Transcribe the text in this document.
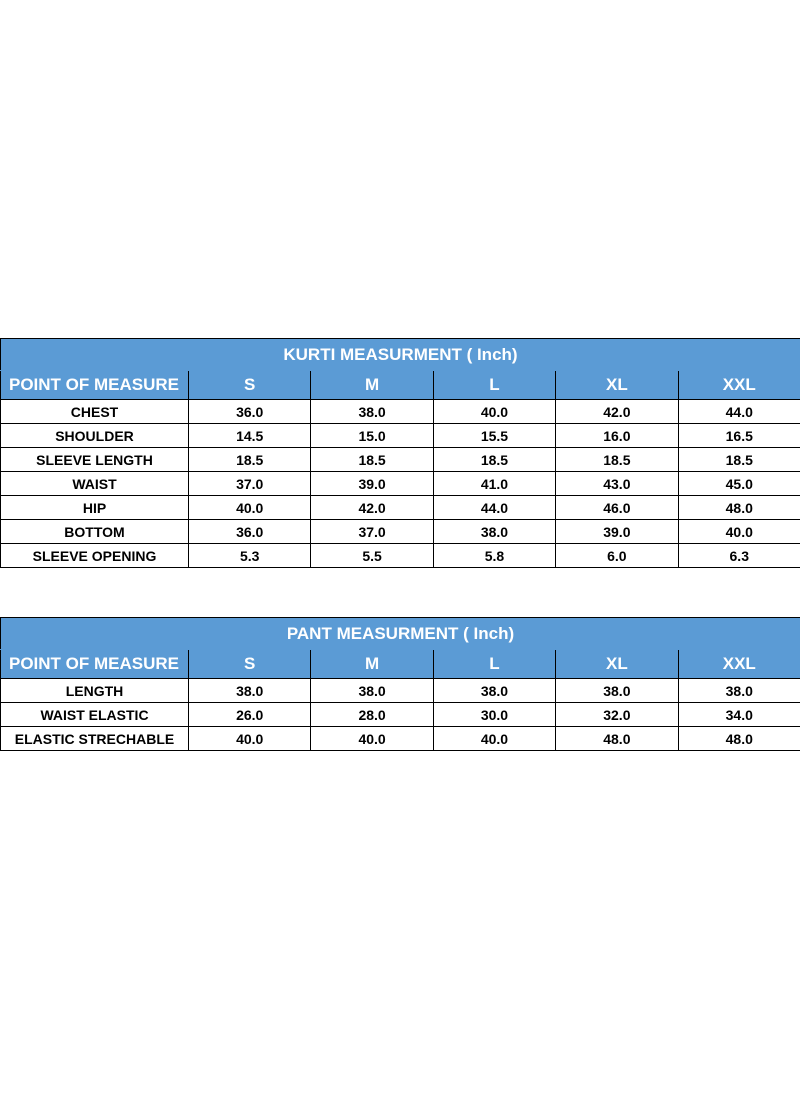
KURTI MEASURMENT ( Inch)					
POINT OF MEASURE	S	M	L	XL	XXL
CHEST	36.0	38.0	40.0	42.0	44.0
SHOULDER	14.5	15.0	15.5	16.0	16.5
SLEEVE LENGTH	18.5	18.5	18.5	18.5	18.5
WAIST	37.0	39.0	41.0	43.0	45.0
HIP	40.0	42.0	44.0	46.0	48.0
BOTTOM	36.0	37.0	38.0	39.0	40.0
SLEEVE OPENING	5.3	5.5	5.8	6.0	6.3
PANT MEASURMENT ( Inch)					
POINT OF MEASURE	S	M	L	XL	XXL
LENGTH	38.0	38.0	38.0	38.0	38.0
WAIST ELASTIC	26.0	28.0	30.0	32.0	34.0
ELASTIC STRECHABLE	40.0	40.0	40.0	48.0	48.0
